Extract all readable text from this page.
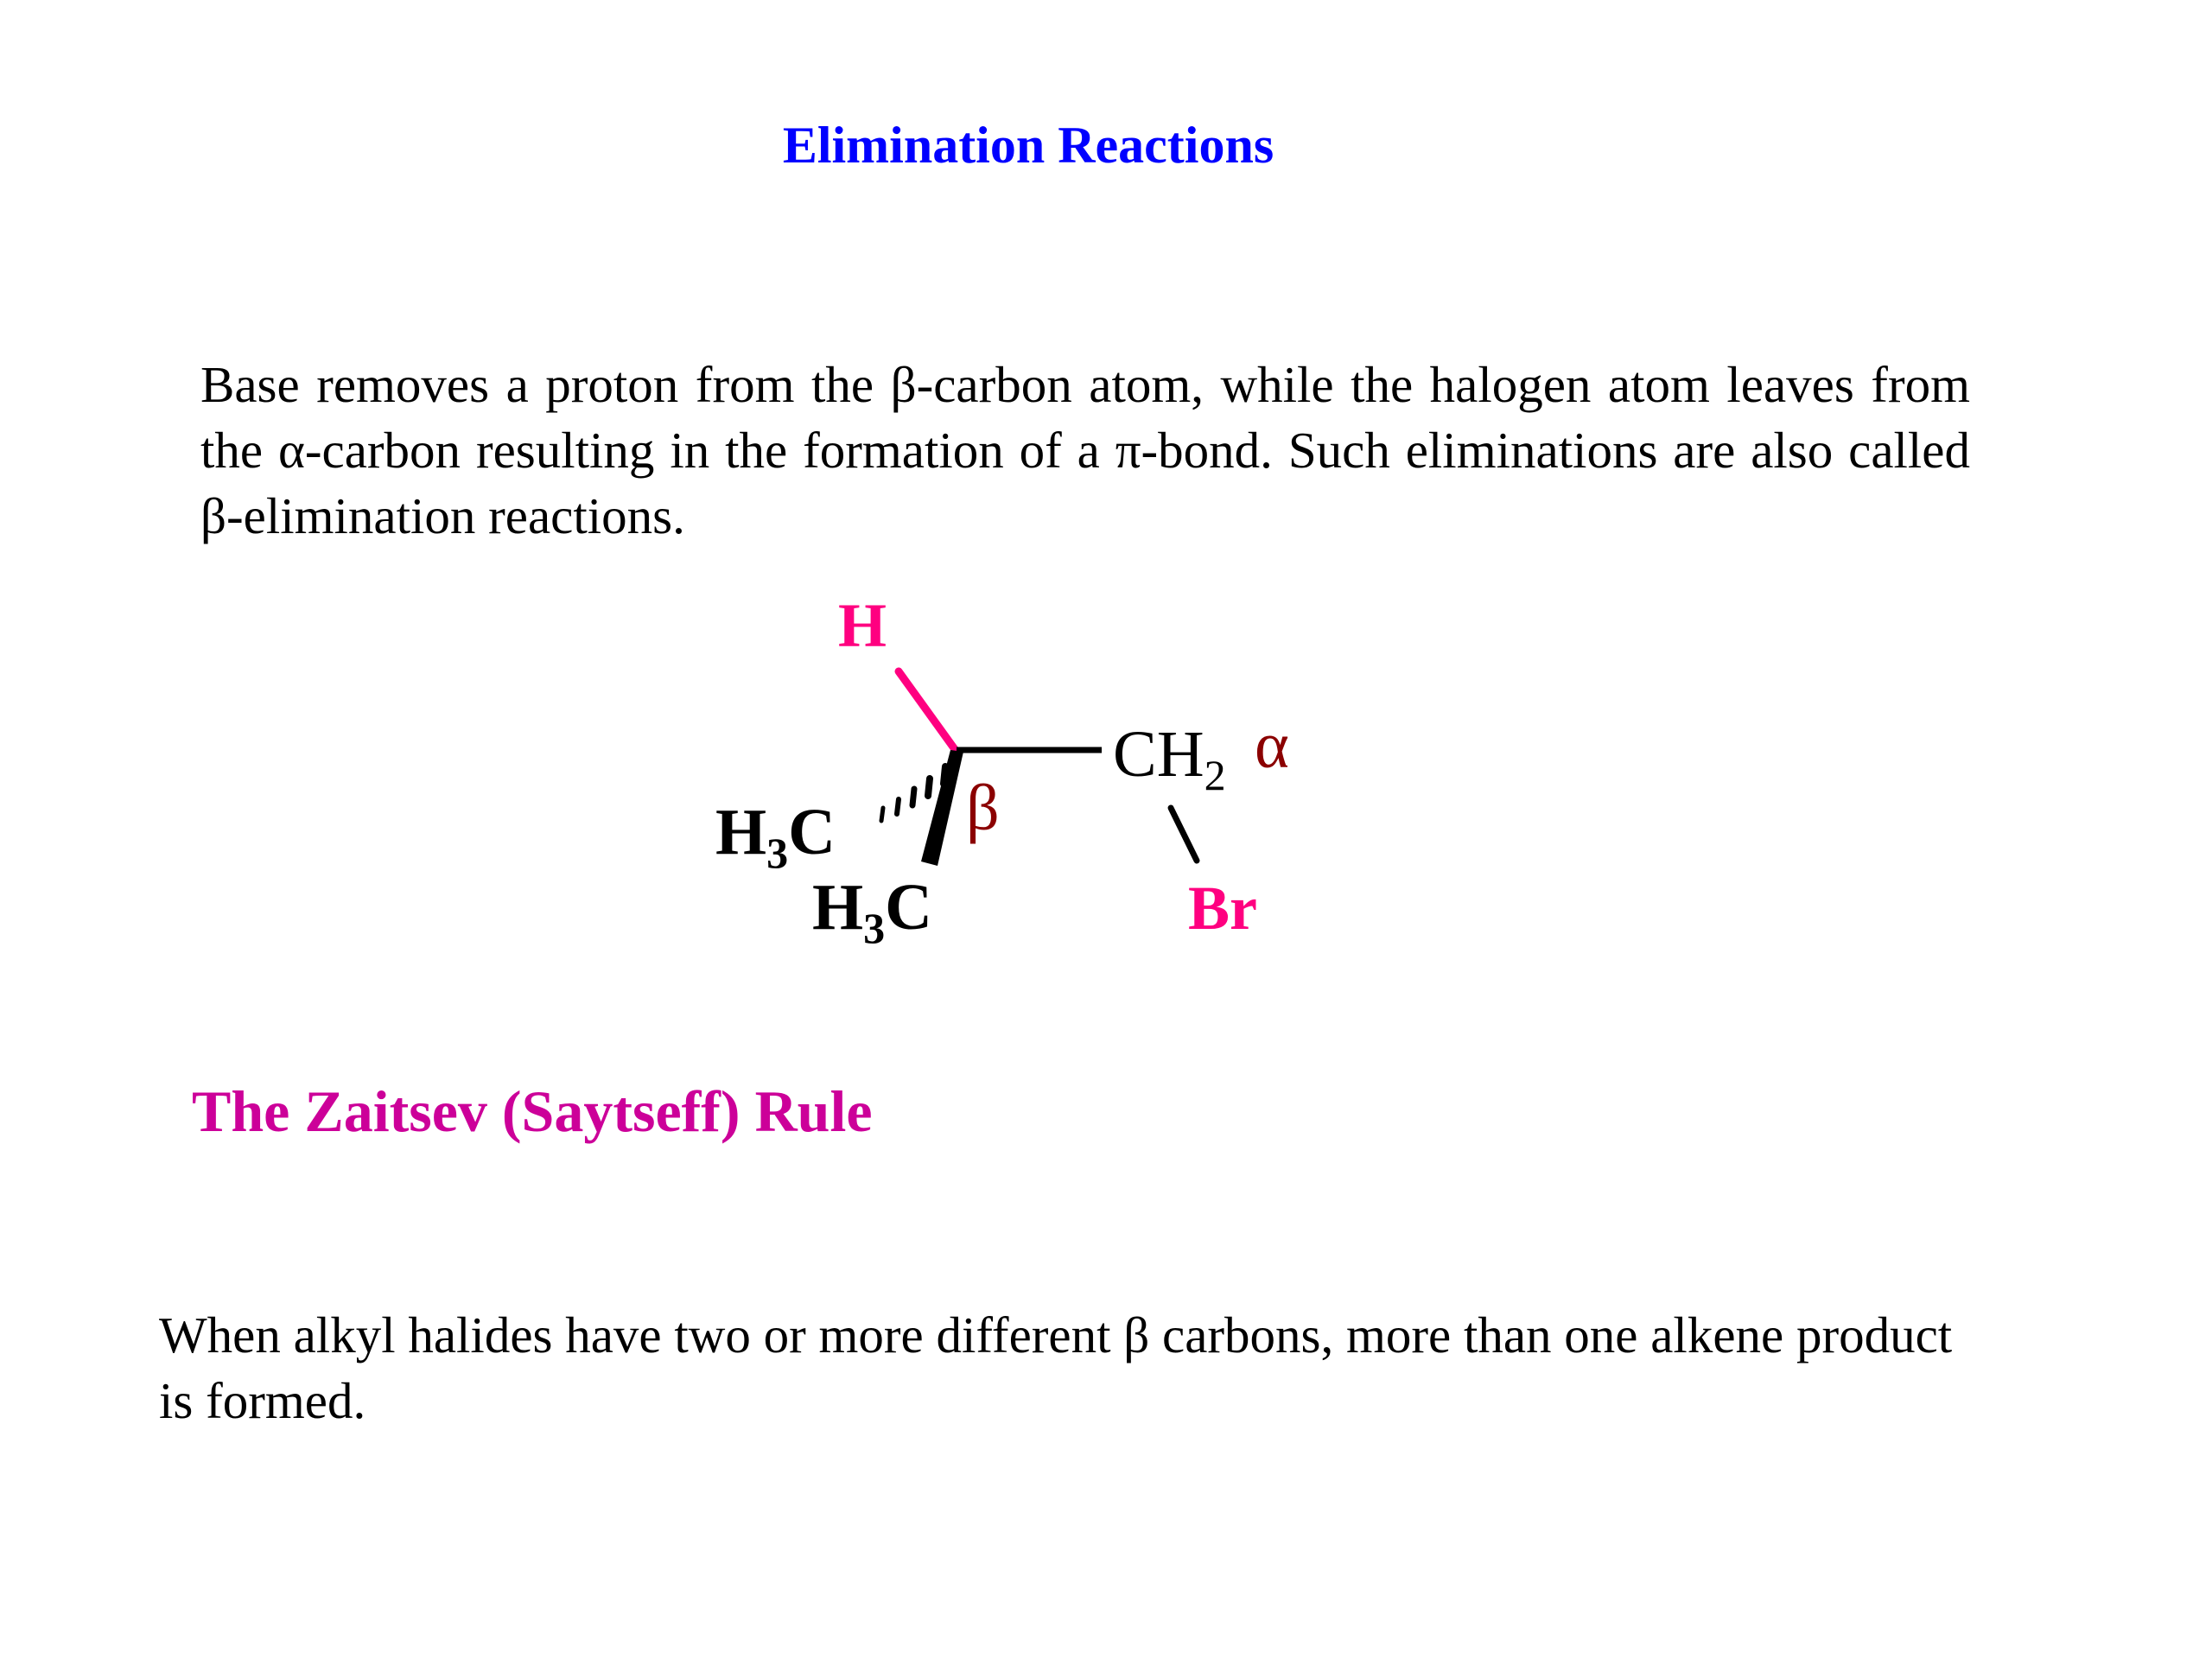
Elimination Reactions

Base removes a proton from the β-carbon atom, while the halogen atom leaves from the α-carbon resulting in the formation of a π-bond. Such eliminations are also called β-elimination reactions.

H
$CH_2$ α
β
Br
$H_3C$
$H_3C$
The Zaitsev (Saytseff) Rule

When alkyl halides have two or more different β carbons, more than one alkene product is formed.
